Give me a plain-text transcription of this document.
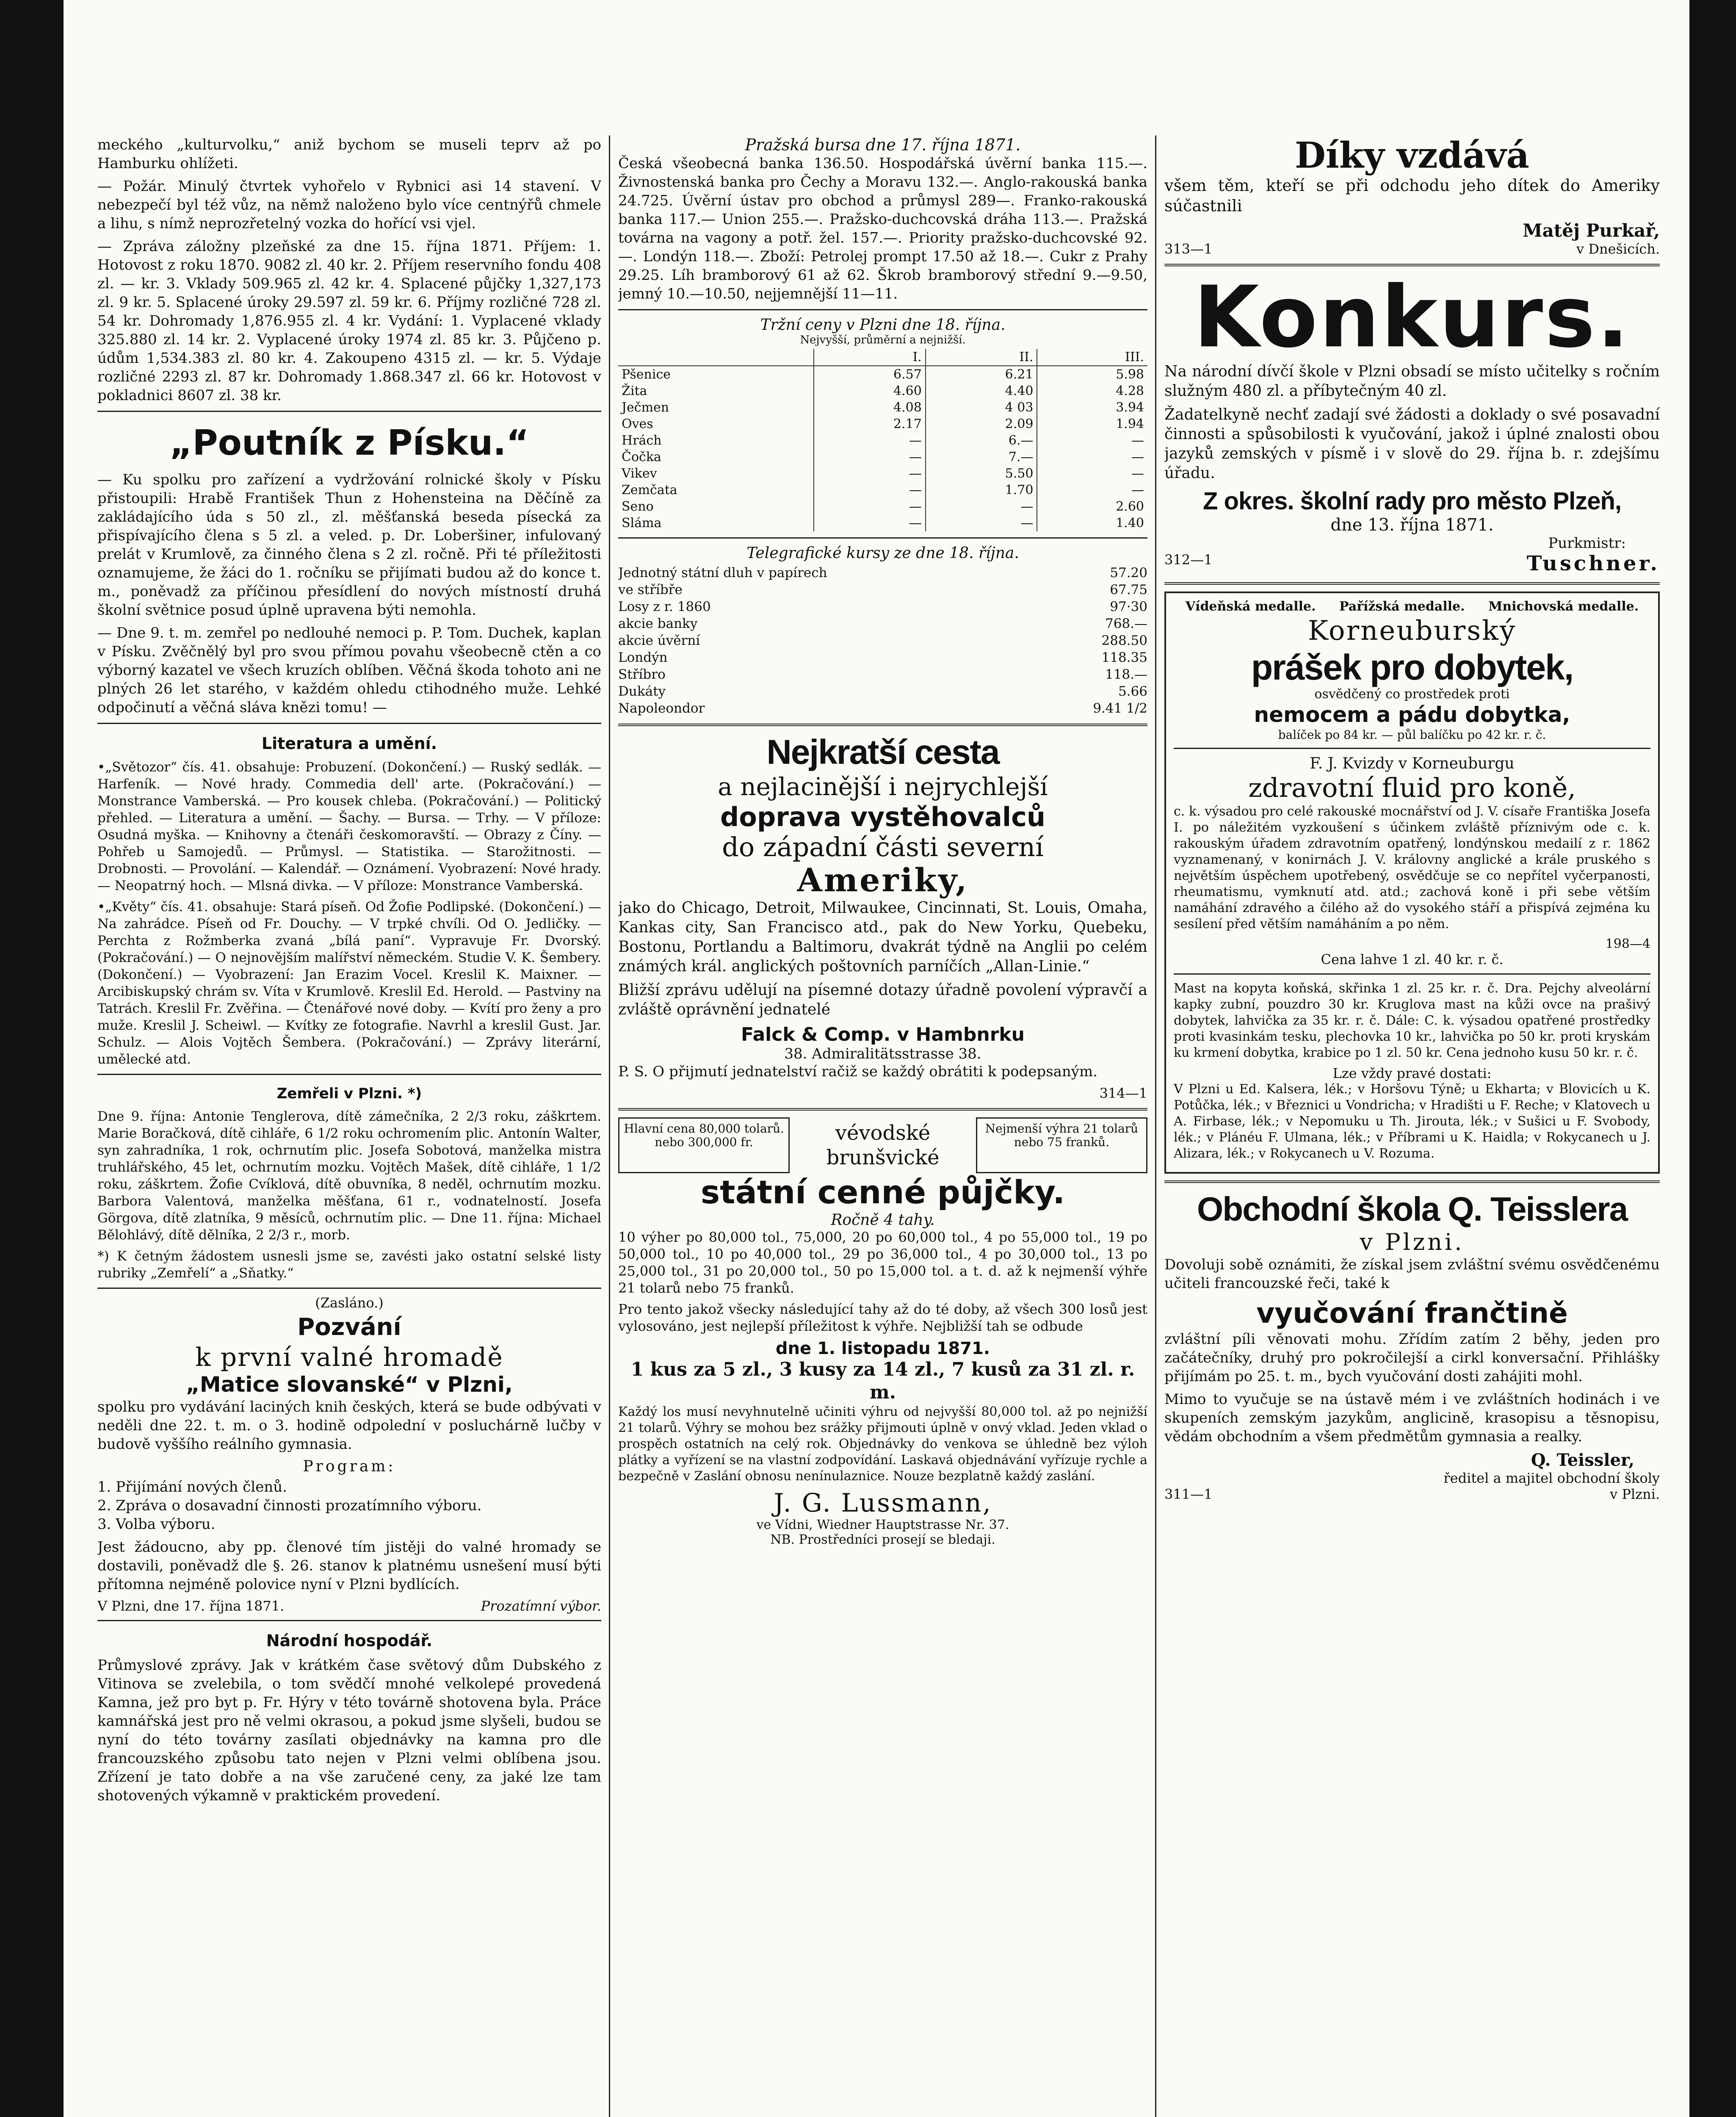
meckého „kulturvolku,“ aniž bychom se museli teprv až po Hamburku ohlížeti.

— Požár. Minulý čtvrtek vyhořelo v Rybnici asi 14 stavení. V nebezpečí byl též vůz, na němž naloženo bylo více centnýřů chmele a lihu, s nímž neprozřetelný vozka do hořící vsi vjel.

— Zpráva záložny plzeňské za dne 15. října 1871. Příjem: 1. Hotovost z roku 1870. 9082 zl. 40 kr. 2. Příjem reservního fondu 408 zl. — kr. 3. Vklady 509.965 zl. 42 kr. 4. Splacené půjčky 1,327,173 zl. 9 kr. 5. Splacené úroky 29.597 zl. 59 kr. 6. Příjmy rozličné 728 zl. 54 kr. Dohromady 1,876.955 zl. 4 kr. Vydání: 1. Vyplacené vklady 325.880 zl. 14 kr. 2. Vyplacené úroky 1974 zl. 85 kr. 3. Půjčeno p. údům 1,534.383 zl. 80 kr. 4. Zakoupeno 4315 zl. — kr. 5. Výdaje rozličné 2293 zl. 87 kr. Dohromady 1.868.347 zl. 66 kr. Hotovost v pokladnici 8607 zl. 38 kr.

„Poutník z Písku.“

— Ku spolku pro zařízení a vydržování rolnické školy v Písku přistoupili: Hrabě František Thun z Hohensteina na Děčíně za zakládajícího úda s 50 zl., zl. měšťanská beseda písecká za přispívajícího člena s 5 zl. a veled. p. Dr. Loberšiner, infulovaný prelát v Krumlově, za činného člena s 2 zl. ročně. Při té příležitosti oznamujeme, že žáci do 1. ročníku se přijímati budou až do konce t. m., poněvadž za příčinou přesídlení do nových místností druhá školní světnice posud úplně upravena býti nemohla.

— Dne 9. t. m. zemřel po nedlouhé nemoci p. P. Tom. Duchek, kaplan v Písku. Zvěčnělý byl pro svou přímou povahu všeobecně ctěn a co výborný kazatel ve všech kruzích oblíben. Věčná škoda tohoto ani ne plných 26 let starého, v každém ohledu ctihodného muže. Lehké odpočinutí a věčná sláva knězi tomu! —

Literatura a umění.

•„Světozor“ čís. 41. obsahuje: Probuzení. (Dokončení.) — Ruský sedlák. — Harfeník. — Nové hrady. Commedia dell' arte. (Pokračování.) — Monstrance Vamberská. — Pro kousek chleba. (Pokračování.) — Politický přehled. — Literatura a umění. — Šachy. — Bursa. — Trhy. — V příloze: Osudná myška. — Knihovny a čtenáři českomoravští. — Obrazy z Číny. — Pohřeb u Samojedů. — Průmysl. — Statistika. — Starožitnosti. — Drobnosti. — Provolání. — Kalendář. — Oznámení. Vyobrazení: Nové hrady. — Neopatrný hoch. — Mlsná divka. — V příloze: Monstrance Vamberská.

•„Květy“ čís. 41. obsahuje: Stará píseň. Od Žofie Podlipské. (Dokončení.) — Na zahrádce. Píseň od Fr. Douchy. — V trpké chvíli. Od O. Jedličky. — Perchta z Rožmberka zvaná „bílá paní“. Vypravuje Fr. Dvorský. (Pokračování.) — O nejnovějším malířství německém. Studie V. K. Šembery. (Dokončení.) — Vyobrazení: Jan Erazim Vocel. Kreslil K. Maixner. — Arcibiskupský chrám sv. Víta v Krumlově. Kreslil Ed. Herold. — Pastviny na Tatrách. Kreslil Fr. Zvěřina. — Čtenářové nové doby. — Kvítí pro ženy a pro muže. Kreslil J. Scheiwl. — Kvítky ze fotografie. Navrhl a kreslil Gust. Jar. Schulz. — Alois Vojtěch Šembera. (Pokračování.) — Zprávy literární, umělecké atd.

Zemřeli v Plzni. *)

Dne 9. října: Antonie Tenglerova, dítě zámečníka, 2 2/3 roku, záškrtem. Marie Boračková, dítě cihláře, 6 1/2 roku ochromením plic. Antonín Walter, syn zahradníka, 1 rok, ochrnutím plic. Josefa Sobotová, manželka mistra truhlářského, 45 let, ochrnutím mozku. Vojtěch Mašek, dítě cihláře, 1 1/2 roku, záškrtem. Žofie Cvíklová, dítě obuvníka, 8 neděl, ochrnutím mozku. Barbora Valentová, manželka měšťana, 61 r., vodnatelností. Josefa Görgova, dítě zlatníka, 9 měsíců, ochrnutím plic. — Dne 11. října: Michael Bělohlávý, dítě dělníka, 2 2/3 r., morb.

*) K četným žádostem usnesli jsme se, zavésti jako ostatní selské listy rubriky „Zemřelí“ a „Sňatky.“

(Zasláno.)
Pozvání
k první valné hromadě
„Matice slovanské“ v Plzni,

spolku pro vydávání laciných knih českých, která se bude odbývati v neděli dne 22. t. m. o 3. hodině odpolední v posluchárně lučby v budově vyššího reálního gymnasia.

Program:

1. Přijímání nových členů.

2. Zpráva o dosavadní činnosti prozatímního výboru.

3. Volba výboru.

Jest žádoucno, aby pp. členové tím jistěji do valné hromady se dostavili, poněvadž dle §. 26. stanov k platnému usnešení musí býti přítomna nejméně polovice nyní v Plzni bydlících.

V Plzni, dne 17. října 1871.	Prozatímní výbor.
Národní hospodář.

Průmyslové zprávy. Jak v krátkém čase světový dům Dubského z Vitinova se zvelebila, o tom svědčí mnohé velkolepé provedená Kamna, jež pro byt p. Fr. Hýry v této továrně shotovena byla. Práce kamnářská jest pro ně velmi okrasou, a pokud jsme slyšeli, budou se nyní do této továrny zasílati objednávky na kamna pro dle francouzského způsobu tato nejen v Plzni velmi oblíbena jsou. Zřízení je tato dobře a na vše zaručené ceny, za jaké lze tam shotovených výkamně v praktickém provedení.

Pražská bursa dne 17. října 1871.

Česká všeobecná banka 136.50. Hospodářská úvěrní banka 115.—. Živnostenská banka pro Čechy a Moravu 132.—. Anglo-rakouská banka 24.725. Úvěrní ústav pro obchod a průmysl 289—. Franko-rakouská banka 117.— Union 255.—. Pražsko-duchcovská dráha 113.—. Pražská továrna na vagony a potř. žel. 157.—. Priority pražsko-duchcovské 92.—. Londýn 118.—. Zboží: Petrolej prompt 17.50 až 18.—. Cukr z Prahy 29.25. Líh bramborový 61 až 62. Škrob bramborový střední 9.—9.50, jemný 10.—10.50, nejjemnější 11—11.

Tržní ceny v Plzni dne 18. října.
Nejvyšší, průměrní a nejnižší.
	I.	II.	III.
Pšenice	6.57	6.21	5.98
Žita	4.60	4.40	4.28
Ječmen	4.08	4 03	3.94
Oves	2.17	2.09	1.94
Hrách	—	6.—	—
Čočka	—	7.—	—
Vikev	—	5.50	—
Zemčata	—	1.70	—
Seno	—	—	2.60
Sláma	—	—	1.40
Telegrafické kursy ze dne 18. října.
Jednotný státní dluh v papírech	57.20
ve stříbře	67.75
Losy z r. 1860	97·30
akcie banky	768.—
akcie úvěrní	288.50
Londýn	118.35
Stříbro	118.—
Dukáty	5.66
Napoleondor	9.41 1/2
Nejkratší cesta
a nejlacinější i nejrychlejší
doprava vystěhovalců
do západní části severní
Ameriky,

jako do Chicago, Detroit, Milwaukee, Cincinnati, St. Louis, Omaha, Kankas city, San Francisco atd., pak do New Yorku, Quebeku, Bostonu, Portlandu a Baltimoru, dvakrát týdně na Anglii po celém známých král. anglických poštovních parníčích „Allan-Linie.“

Bližší zprávu udělují na písemné dotazy úřadně povolení výpravčí a zvláště oprávnění jednatelé

Falck & Comp. v Hambnrku
38. Admiralitätsstrasse 38.

P. S. O přijmutí jednatelství račiž se každý obrátiti k podepsaným.

314—1
Hlavní cena 80,000 tolarů. nebo 300,000 fr.	vévodské brunšvické
Nejmenší výhra 21 tolarů nebo 75 franků.
státní cenné půjčky.
Ročně 4 tahy.

10 výher po 80,000 tol., 75,000, 20 po 60,000 tol., 4 po 55,000 tol., 19 po 50,000 tol., 10 po 40,000 tol., 29 po 36,000 tol., 4 po 30,000 tol., 13 po 25,000 tol., 31 po 20,000 tol., 50 po 15,000 tol. a t. d. až k nejmenší výhře 21 tolarů nebo 75 franků.

Pro tento jakož všecky následující tahy až do té doby, až všech 300 losů jest vylosováno, jest nejlepší příležitost k výhře. Nejbližší tah se odbude

dne 1. listopadu 1871.
1 kus za 5 zl., 3 kusy za 14 zl., 7 kusů za 31 zl. r. m.

Každý los musí nevyhnutelně učiniti výhru od nejvyšší 80,000 tol. až po nejnižší 21 tolarů. Výhry se mohou bez srážky přijmouti úplně v onvý vklad. Jeden vklad o prospěch ostatních na celý rok. Objednávky do venkova se úhledně bez výloh plátky a vyřízení se na vlastní zodpovídání. Laskavá objednávání vyřízuje rychle a bezpečně v Zaslání obnosu nenínulaznice. Nouze bezplatně každý zaslání.

J. G. Lussmann,
ve Vídni, Wiedner Hauptstrasse Nr. 37.
NB. Prostředníci prosejí se bledaji.
Díky vzdává

všem těm, kteří se při odchodu jeho dítek do Ameriky súčastnili

Matěj Purkař,
313—1	v Dnešicích.
Konkurs.

Na národní dívčí škole v Plzni obsadí se místo učitelky s ročním služným 480 zl. a příbytečným 40 zl.

Žadatelkyně nechť zadají své žádosti a doklady o své posavadní činnosti a spůsobilosti k vyučování, jakož i úplné znalosti obou jazyků zemských v písmě i v slově do 29. října b. r. zdejšímu úřadu.

Z okres. školní rady pro město Plzeň,
dne 13. října 1871.
Purkmistr:
312—1	Tuschner.
Vídeňská medalle. Pařížská medalle. Mnichovská medalle.
Korneuburský
prášek pro dobytek,
osvědčený co prostředek proti
nemocem a pádu dobytka,
balíček po 84 kr. — půl balíčku po 42 kr. r. č.
F. J. Kvizdy v Korneuburgu
zdravotní fluid pro koně,

c. k. výsadou pro celé rakouské mocnářství od J. V. císaře Františka Josefa I. po náležitém vyzkoušení s účinkem zvláště příznivým ode c. k. rakouským úřadem zdravotním opatřený, londýnskou medailí z r. 1862 vyznamenaný, v konirnách J. V. královny anglické a krále pruského s největším úspěchem upotřebený, osvědčuje se co nepřítel vyčerpanosti, rheumatismu, vymknutí atd. atd.; zachová koně i při sebe větším namáhání zdravého a čilého až do vysokého stáří a přispívá zejména ku sesílení před větším namáháním a po něm.

198—4
Cena lahve 1 zl. 40 kr. r. č.

Mast na kopyta koňská, skřinka 1 zl. 25 kr. r. č. Dra. Pejchy alveolární kapky zubní, pouzdro 30 kr. Kruglova mast na kůži ovce na prašivý dobytek, lahvička za 35 kr. r. č. Dále: C. k. výsadou opatřené prostředky proti kvasinkám tesku, plechovka 10 kr., lahvička po 50 kr. proti kryskám ku krmení dobytka, krabice po 1 zl. 50 kr. Cena jednoho kusu 50 kr. r. č.

Lze vždy pravé dostati:

V Plzni u Ed. Kalsera, lék.; v Horšovu Týně; u Ekharta; v Blovicích u K. Potůčka, lék.; v Březnici u Vondricha; v Hradišti u F. Reche; v Klatovech u A. Firbase, lék.; v Nepomuku u Th. Jirouta, lék.; v Sušici u F. Svobody, lék.; v Plánéu F. Ulmana, lék.; v Příbrami u K. Haidla; v Rokycanech u J. Alizara, lék.; v Rokycanech u V. Rozuma.

Obchodní škola Q. Teisslera
v Plzni.

Dovoluji sobě oznámiti, že získal jsem zvláštní svému osvědčenému učiteli francouzské řeči, také k

vyučování frančtině

zvláštní píli věnovati mohu. Zřídím zatím 2 běhy, jeden pro začátečníky, druhý pro pokročilejší a cirkl konversační. Přihlášky přijímám po 25. t. m., bych vyučování dosti zahájiti mohl.

Mimo to vyučuje se na ústavě mém i ve zvláštních hodinách i ve skupeních zemským jazykům, anglicině, krasopisu a těsnopisu, vědám obchodním a všem předmětům gymnasia a realky.

Q. Teissler,
ředitel a majitel obchodní školy
311—1	v Plzni.
